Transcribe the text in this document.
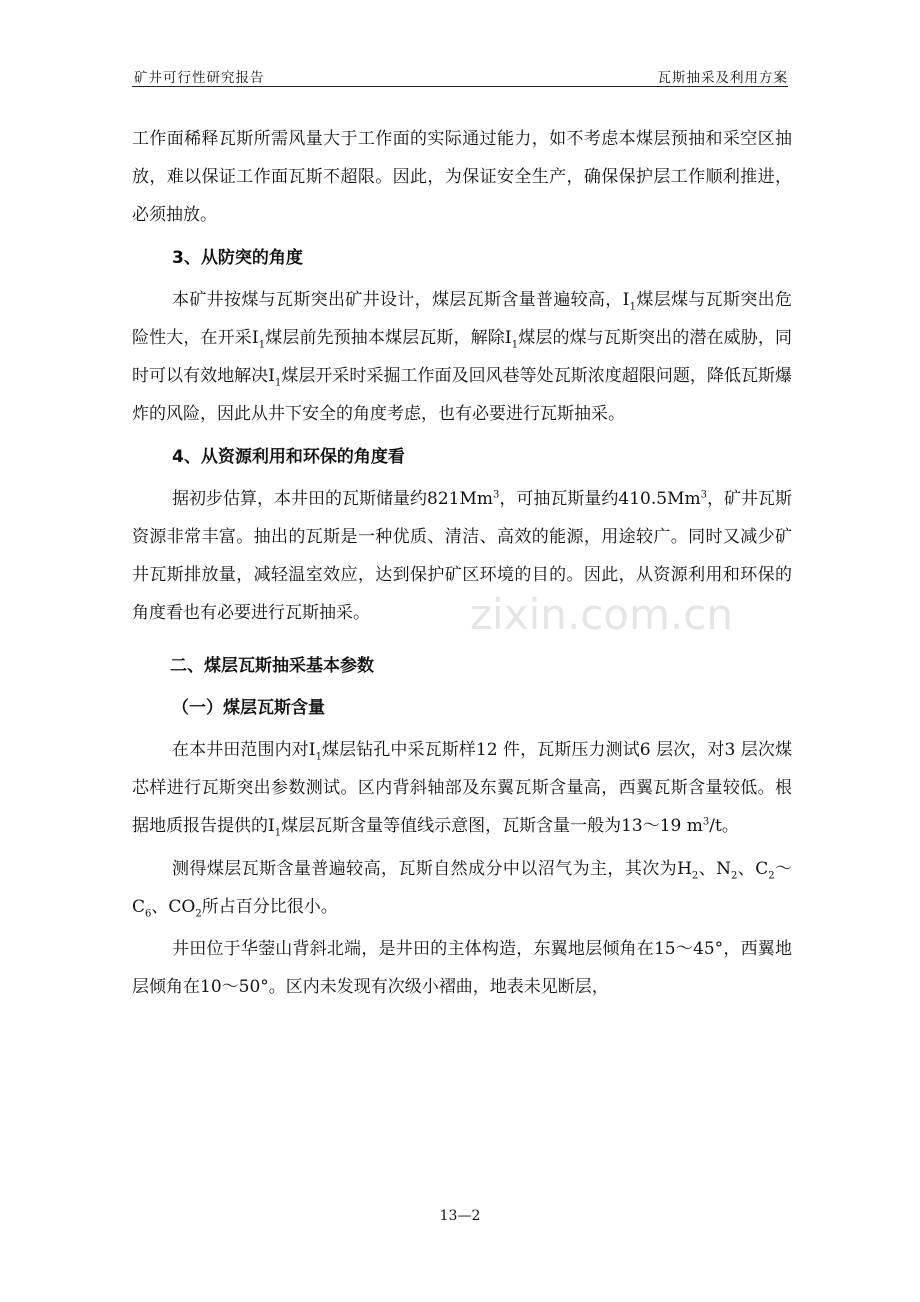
矿井可行性研究报告	瓦斯抽采及利用方案

工作面稀释瓦斯所需风量大于工作面的实际通过能力，如不考虑本煤层预抽和采空区抽放，难以保证工作面瓦斯不超限。因此，为保证安全生产，确保保护层工作顺利推进，必须抽放。

3、从防突的角度

本矿井按煤与瓦斯突出矿井设计，煤层瓦斯含量普遍较高，$Ⅰ_1$煤层煤与瓦斯突出危险性大，在开采$Ⅰ_1$煤层前先预抽本煤层瓦斯，解除$Ⅰ_1$煤层的煤与瓦斯突出的潜在威胁，同时可以有效地解决$Ⅰ_1$煤层开采时采掘工作面及回风巷等处瓦斯浓度超限问题，降低瓦斯爆炸的风险，因此从井下安全的角度考虑，也有必要进行瓦斯抽采。

4、从资源利用和环保的角度看

据初步估算，本井田的瓦斯储量约821Mm$^3$，可抽瓦斯量约410.5Mm$^3$，矿井瓦斯资源非常丰富。抽出的瓦斯是一种优质、清洁、高效的能源，用途较广。同时又减少矿井瓦斯排放量，减轻温室效应，达到保护矿区环境的目的。因此，从资源利用和环保的角度看也有必要进行瓦斯抽采。

二、煤层瓦斯抽采基本参数

（一）煤层瓦斯含量

在本井田范围内对$Ⅰ_1$煤层钻孔中采瓦斯样12 件，瓦斯压力测试6 层次，对3 层次煤芯样进行瓦斯突出参数测试。区内背斜轴部及东翼瓦斯含量高，西翼瓦斯含量较低。根据地质报告提供的$Ⅰ_1$煤层瓦斯含量等值线示意图，瓦斯含量一般为13～19 $m^3/t$。

测得煤层瓦斯含量普遍较高，瓦斯自然成分中以沼气为主，其次为$H_2$、$N_2$、$C_2\sim$ $C_6$、$CO_2$所占百分比很小。

井田位于华蓥山背斜北端，是井田的主体构造，东翼地层倾角在15～45°，西翼地层倾角在10～50°。区内未发现有次级小褶曲，地表未见断层，

zixin.com.cn
13—2
